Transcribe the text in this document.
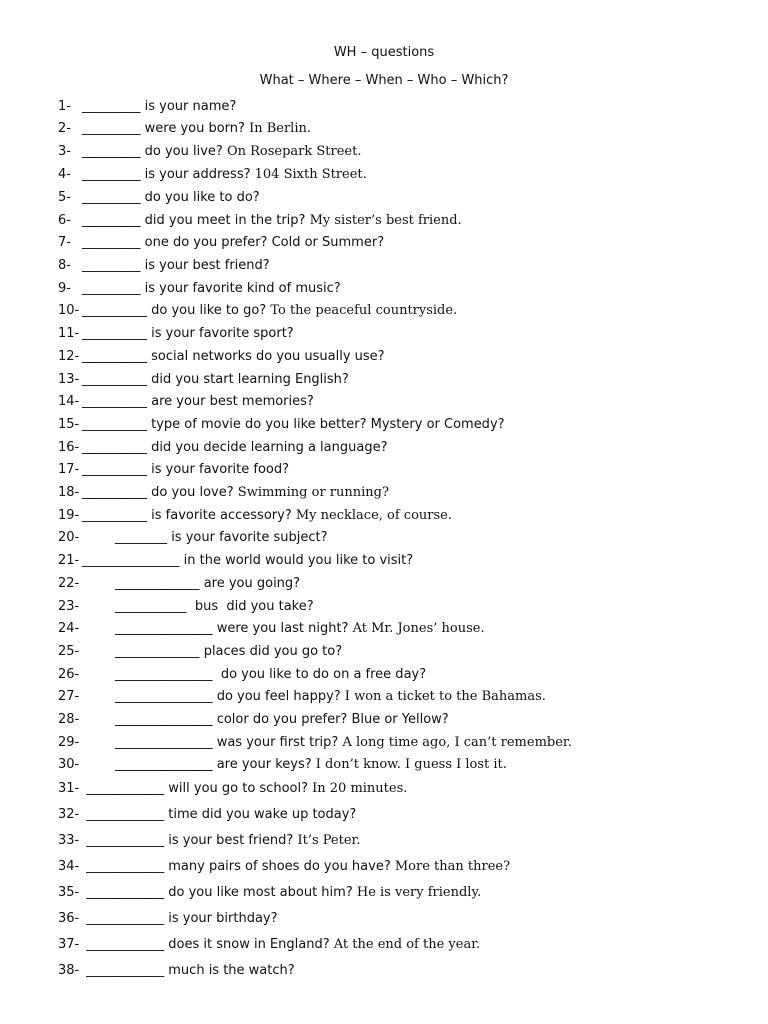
WH – questions
What – Where – When – Who – Which?
1- _________ is your name?
2- _________ were you born? In Berlin.
3- _________ do you live? On Rosepark Street.
4- _________ is your address? 104 Sixth Street.
5- _________ do you like to do?
6- _________ did you meet in the trip? My sister’s best friend.
7- _________ one do you prefer? Cold or Summer?
8- _________ is your best friend?
9- _________ is your favorite kind of music?
10- __________ do you like to go? To the peaceful countryside.
11- __________ is your favorite sport?
12- __________ social networks do you usually use?
13- __________ did you start learning English?
14- __________ are your best memories?
15- __________ type of movie do you like better? Mystery or Comedy?
16- __________ did you decide learning a language?
17- __________ is your favorite food?
18- __________ do you love? Swimming or running?
19- __________ is favorite accessory? My necklace, of course.
20-        ________ is your favorite subject?
21- _______________ in the world would you like to visit?
22-        _____________ are you going?
23-        ___________  bus  did you take?
24-        _______________ were you last night? At Mr. Jones’ house.
25-        _____________ places did you go to?
26-        _______________  do you like to do on a free day?
27-        _______________ do you feel happy? I won a ticket to the Bahamas.
28-        _______________ color do you prefer? Blue or Yellow?
29-        _______________ was your first trip? A long time ago, I can’t remember.
30-        _______________ are your keys? I don’t know. I guess I lost it.
31- ____________ will you go to school? In 20 minutes.
32- ____________ time did you wake up today?
33- ____________ is your best friend? It’s Peter.
34- ____________ many pairs of shoes do you have? More than three?
35- ____________ do you like most about him? He is very friendly.
36- ____________ is your birthday?
37- ____________ does it snow in England? At the end of the year.
38- ____________ much is the watch?
